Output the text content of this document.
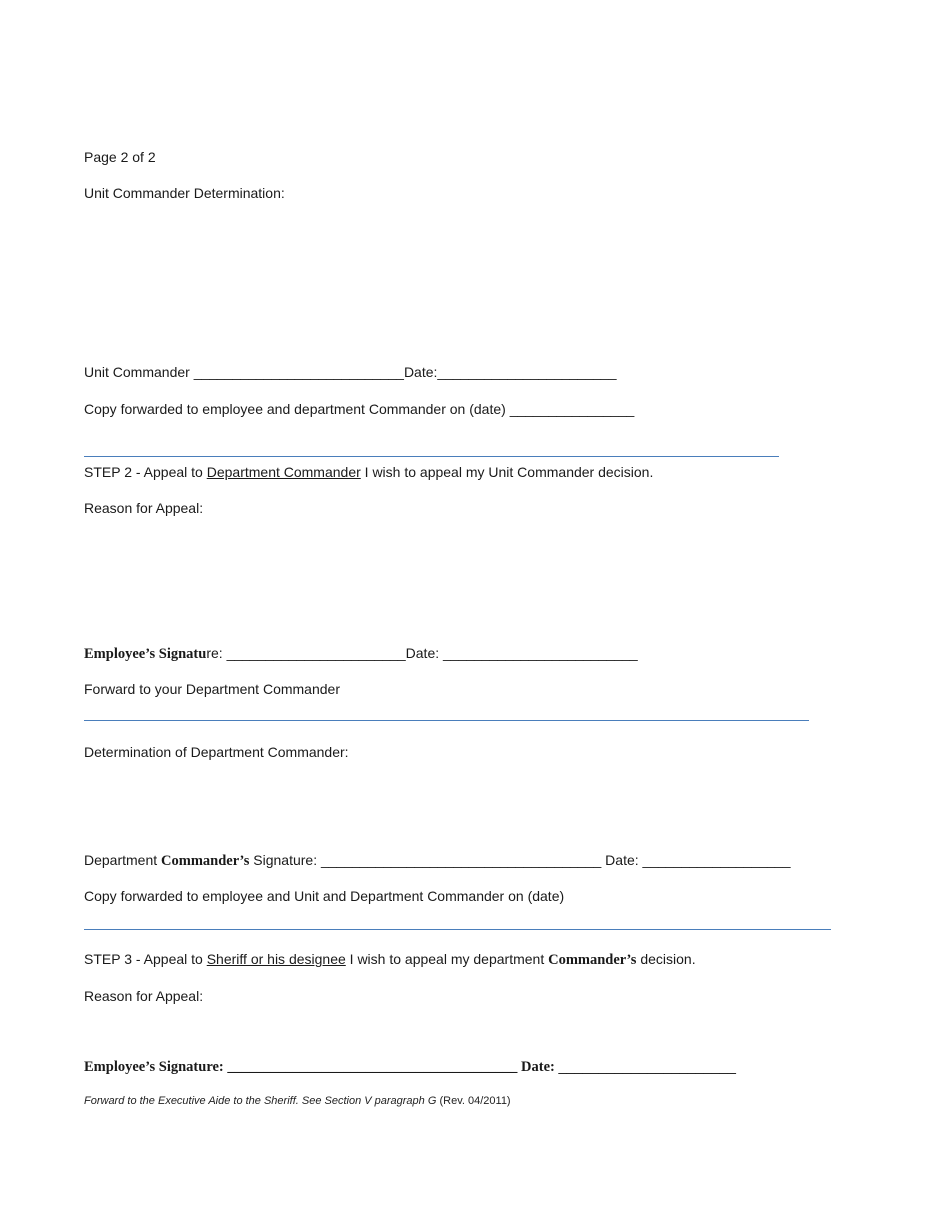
Page 2 of 2
Unit Commander Determination:
Unit Commander ___________________________Date:_______________________
Copy forwarded to employee and department Commander on (date) ________________
STEP 2 - Appeal to Department Commander I wish to appeal my Unit Commander decision.
Reason for Appeal:
Employee’s Signature: _______________________Date: _________________________
Forward to your Department Commander
Determination of Department Commander:
Department Commander’s Signature: ____________________________________ Date: ___________________
Copy forwarded to employee and Unit and Department Commander on (date)
STEP 3 - Appeal to Sheriff or his designee I wish to appeal my department Commander’s decision.
Reason for Appeal:
Employee’s Signature: ________________________________________ Date: ______________________
Forward to the Executive Aide to the Sheriff. See Section V paragraph G (Rev. 04/2011)
